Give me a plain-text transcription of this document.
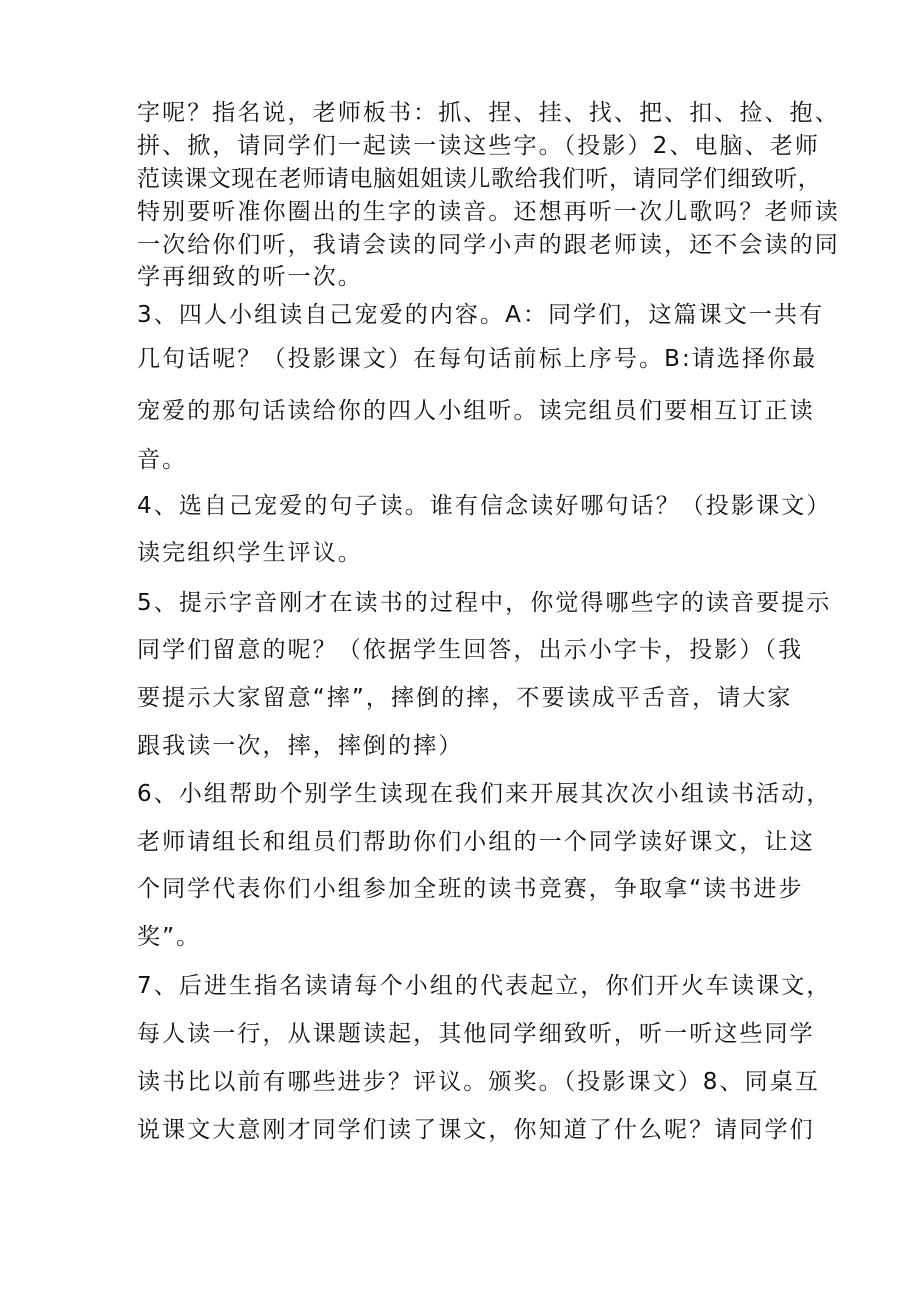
字呢？指名说，老师板书：抓、捏、挂、找、把、扣、捡、抱、
拼、掀，请同学们一起读一读这些字。（投影）2、电脑、老师
范读课文现在老师请电脑姐姐读儿歌给我们听，请同学们细致听，
特别要听准你圈出的生字的读音。还想再听一次儿歌吗？老师读
一次给你们听，我请会读的同学小声的跟老师读，还不会读的同
学再细致的听一次。
3、四人小组读自己宠爱的内容。A：同学们，这篇课文一共有
几句话呢？（投影课文）在每句话前标上序号。B:请选择你最
宠爱的那句话读给你的四人小组听。读完组员们要相互订正读
音。
4、选自己宠爱的句子读。谁有信念读好哪句话？（投影课文）
读完组织学生评议。
5、提示字音刚才在读书的过程中，你觉得哪些字的读音要提示
同学们留意的呢？（依据学生回答，出示小字卡，投影）（我
要提示大家留意“摔”，摔倒的摔，不要读成平舌音，请大家
跟我读一次，摔，摔倒的摔）
6、小组帮助个别学生读现在我们来开展其次次小组读书活动，
老师请组长和组员们帮助你们小组的一个同学读好课文，让这
个同学代表你们小组参加全班的读书竞赛，争取拿“读书进步
奖”。
7、后进生指名读请每个小组的代表起立，你们开火车读课文，
每人读一行，从课题读起，其他同学细致听，听一听这些同学
读书比以前有哪些进步？评议。颁奖。（投影课文）8、同桌互
说课文大意刚才同学们读了课文，你知道了什么呢？请同学们
